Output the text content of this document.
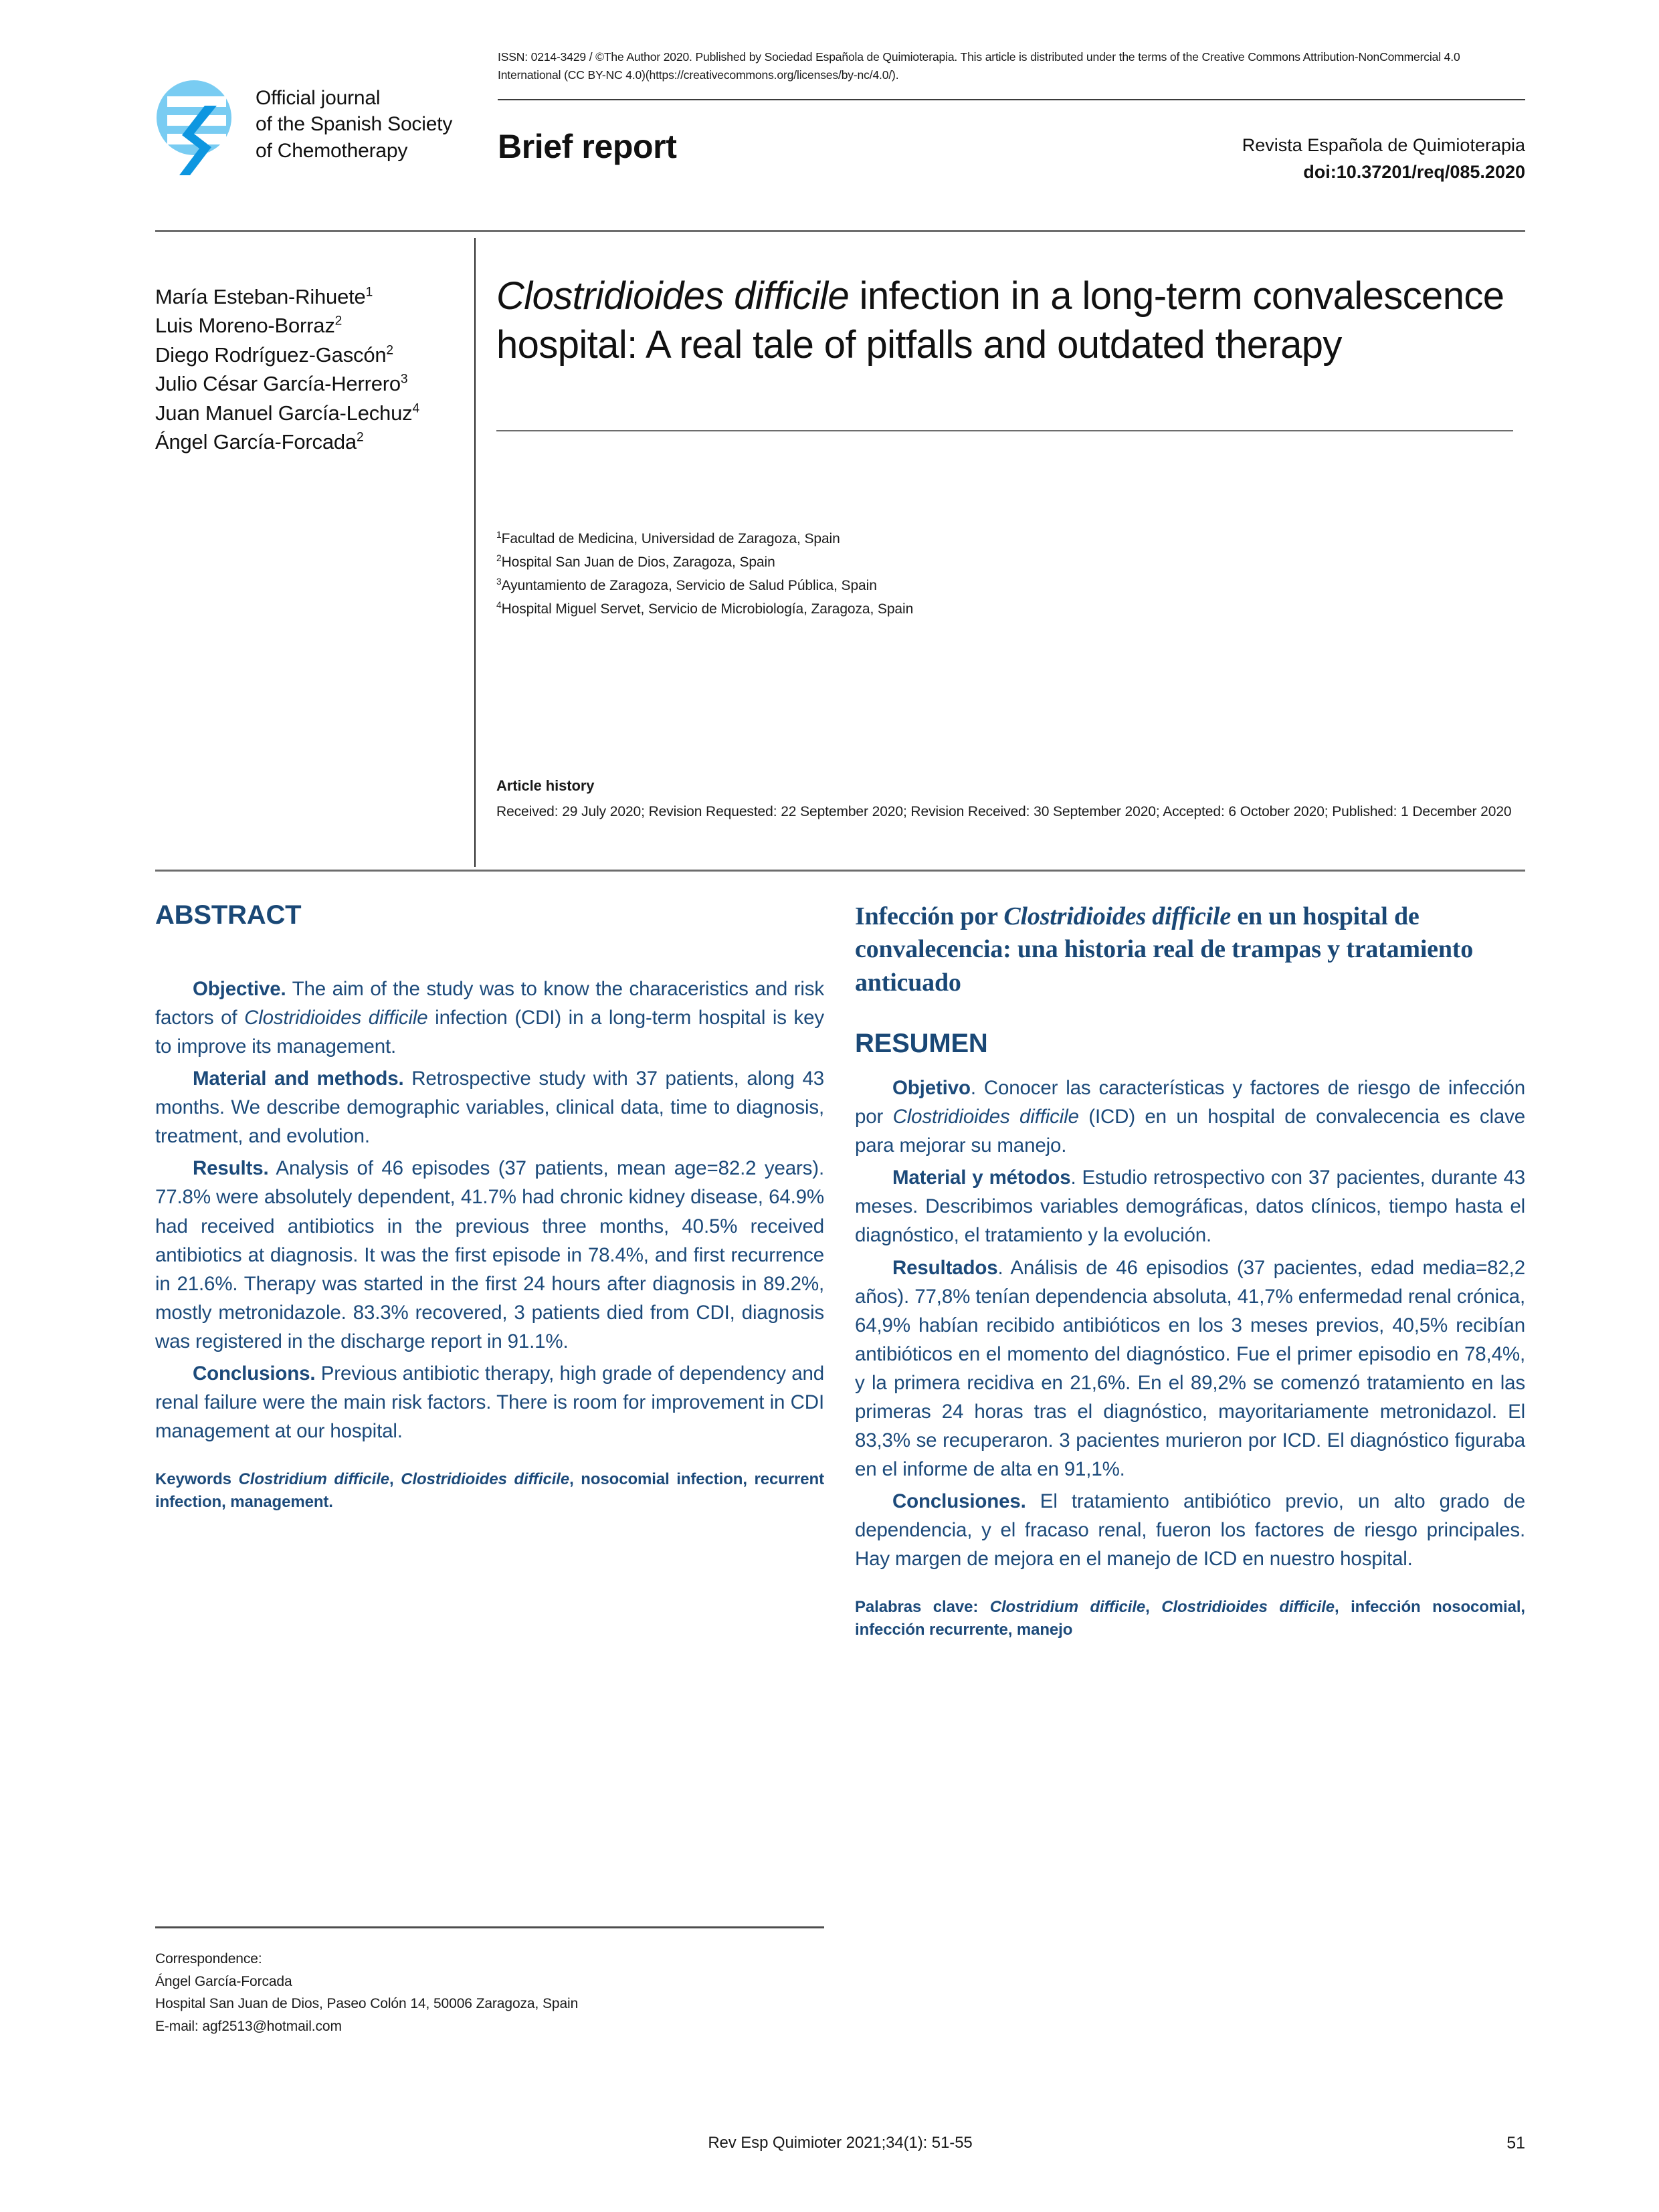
Official journal
of the Spanish Society
of Chemotherapy
ISSN: 0214-3429 / ©The Author 2020. Published by Sociedad Española de Quimioterapia. This article is distributed under the terms of the Creative Commons Attribution-NonCommercial 4.0 International (CC BY-NC 4.0)(https://creativecommons.org/licenses/by-nc/4.0/).
Brief report	Revista Española de Quimioterapia
doi:10.37201/req/085.2020
María Esteban-Rihuete$^1$
Luis Moreno-Borraz$^2$
Diego Rodríguez-Gascón$^2$
Julio César García-Herrero$^3$
Juan Manuel García-Lechuz$^4$
Ángel García-Forcada$^2$
Clostridioides difficile infection in a long-term convalescence hospital: A real tale of pitfalls and outdated therapy
$^1$Facultad de Medicina, Universidad de Zaragoza, Spain
$^2$Hospital San Juan de Dios, Zaragoza, Spain
$^3$Ayuntamiento de Zaragoza, Servicio de Salud Pública, Spain
$^4$Hospital Miguel Servet, Servicio de Microbiología, Zaragoza, Spain
Article history
Received: 29 July 2020; Revision Requested: 22 September 2020; Revision Received: 30 September 2020; Accepted: 6 October 2020; Published: 1 December 2020
ABSTRACT

Objective. The aim of the study was to know the characeristics and risk factors of Clostridioides difficile infection (CDI) in a long-term hospital is key to improve its management.

Material and methods. Retrospective study with 37 patients, along 43 months. We describe demographic variables, clinical data, time to diagnosis, treatment, and evolution.

Results. Analysis of 46 episodes (37 patients, mean age=82.2 years). 77.8% were absolutely dependent, 41.7% had chronic kidney disease, 64.9% had received antibiotics in the previous three months, 40.5% received antibiotics at diagnosis. It was the first episode in 78.4%, and first recurrence in 21.6%. Therapy was started in the first 24 hours after diagnosis in 89.2%, mostly metronidazole. 83.3% recovered, 3 patients died from CDI, diagnosis was registered in the discharge report in 91.1%.

Conclusions. Previous antibiotic therapy, high grade of dependency and renal failure were the main risk factors. There is room for improvement in CDI management at our hospital.

Keywords Clostridium difficile, Clostridioides difficile, nosocomial infection, recurrent infection, management.

Infección por Clostridioides difficile en un hospital de convalecencia: una historia real de trampas y tratamiento anticuado
RESUMEN

Objetivo. Conocer las características y factores de riesgo de infección por Clostridioides difficile (ICD) en un hospital de convalecencia es clave para mejorar su manejo.

Material y métodos. Estudio retrospectivo con 37 pacientes, durante 43 meses. Describimos variables demográficas, datos clínicos, tiempo hasta el diagnóstico, el tratamiento y la evolución.

Resultados. Análisis de 46 episodios (37 pacientes, edad media=82,2 años). 77,8% tenían dependencia absoluta, 41,7% enfermedad renal crónica, 64,9% habían recibido antibióticos en los 3 meses previos, 40,5% recibían antibióticos en el momento del diagnóstico. Fue el primer episodio en 78,4%, y la primera recidiva en 21,6%. En el 89,2% se comenzó tratamiento en las primeras 24 horas tras el diagnóstico, mayoritariamente metronidazol. El 83,3% se recuperaron. 3 pacientes murieron por ICD. El diagnóstico figuraba en el informe de alta en 91,1%.

Conclusiones. El tratamiento antibiótico previo, un alto grado de dependencia, y el fracaso renal, fueron los factores de riesgo principales. Hay margen de mejora en el manejo de ICD en nuestro hospital.

Palabras clave: Clostridium difficile, Clostridioides difficile, infección nosocomial, infección recurrente, manejo

Correspondence:
Ángel García-Forcada
Hospital San Juan de Dios, Paseo Colón 14, 50006 Zaragoza, Spain
E-mail: agf2513@hotmail.com
Rev Esp Quimioter 2021;34(1): 51-55	51
